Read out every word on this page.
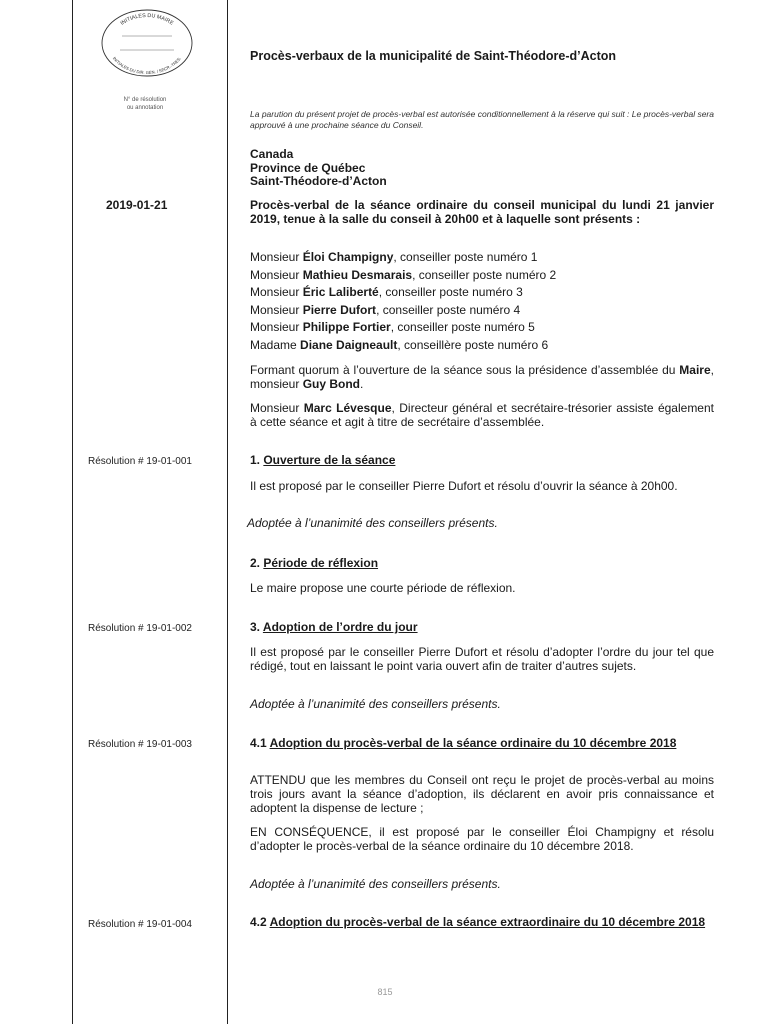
INITIALES DU MAIRE
INITIALES DU DIR. GÉN. / SECR.-TRES.
N° de résolution
ou annotation
Procès-verbaux de la municipalité de Saint-Théodore-d’Acton
La parution du présent projet de procès-verbal est autorisée conditionnellement à la réserve qui suit : Le procès-verbal sera approuvé à une prochaine séance du Conseil.
Canada
Province de Québec
Saint-Théodore-d’Acton
2019-01-21	Procès-verbal de la séance ordinaire du conseil municipal du lundi 21 janvier 2019, tenue à la salle du conseil à 20h00 et à laquelle sont présents :
Monsieur Éloi Champigny, conseiller poste numéro 1
Monsieur Mathieu Desmarais, conseiller poste numéro 2
Monsieur Éric Laliberté, conseiller poste numéro 3
Monsieur Pierre Dufort, conseiller poste numéro 4
Monsieur Philippe Fortier, conseiller poste numéro 5
Madame Diane Daigneault, conseillère poste numéro 6
Formant quorum à l’ouverture de la séance sous la présidence d’assemblée du Maire, monsieur Guy Bond.
Monsieur Marc Lévesque, Directeur général et secrétaire-trésorier assiste également à cette séance et agit à titre de secrétaire d’assemblée.
Résolution # 19-01-001	1. Ouverture de la séance
Il est proposé par le conseiller Pierre Dufort et résolu d’ouvrir la séance à 20h00.
Adoptée à l’unanimité des conseillers présents.
2. Période de réflexion
Le maire propose une courte période de réflexion.
Résolution # 19-01-002	3. Adoption de l’ordre du jour
Il est proposé par le conseiller Pierre Dufort et résolu d’adopter l’ordre du jour tel que rédigé, tout en laissant le point varia ouvert afin de traiter d’autres sujets.
Adoptée à l’unanimité des conseillers présents.
Résolution # 19-01-003	4.1 Adoption du procès-verbal de la séance ordinaire du 10 décembre 2018
ATTENDU que les membres du Conseil ont reçu le projet de procès-verbal au moins trois jours avant la séance d’adoption, ils déclarent en avoir pris connaissance et adoptent la dispense de lecture ;
EN CONSÉQUENCE, il est proposé par le conseiller Éloi Champigny et résolu d’adopter le procès-verbal de la séance ordinaire du 10 décembre 2018.
Adoptée à l’unanimité des conseillers présents.
Résolution # 19-01-004	4.2 Adoption du procès-verbal de la séance extraordinaire du 10 décembre 2018
815
